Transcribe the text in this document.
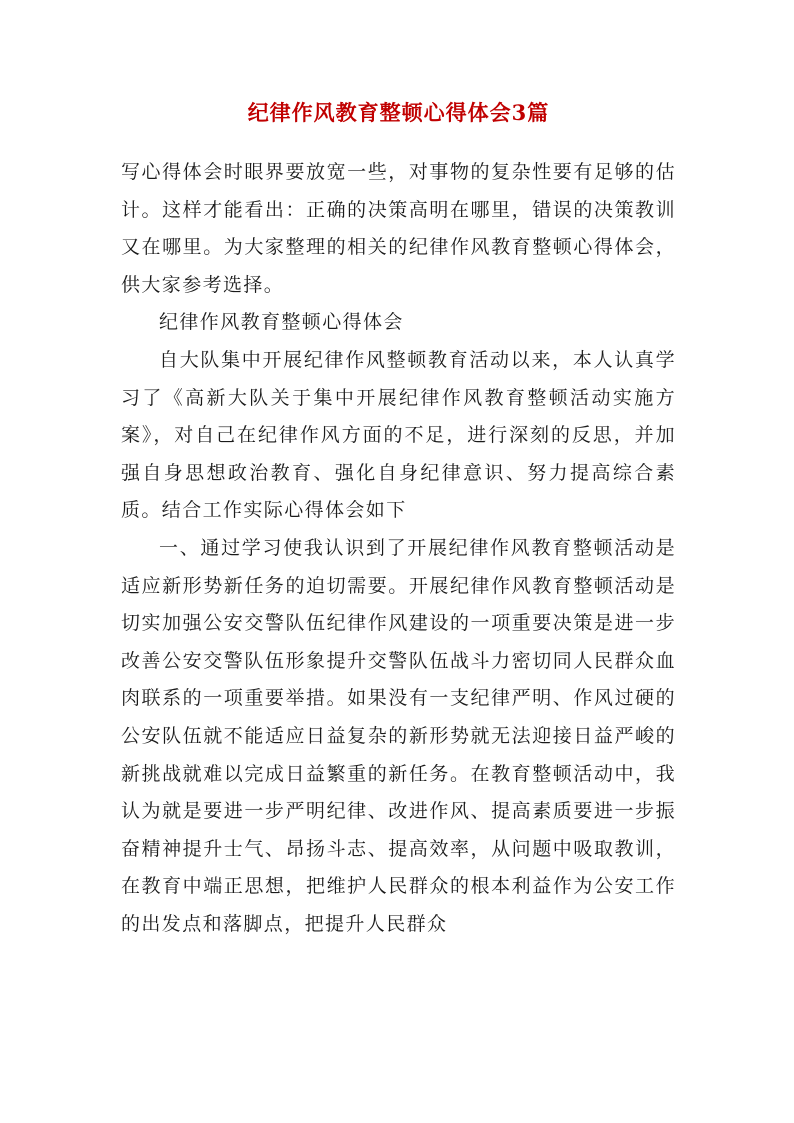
纪律作风教育整顿心得体会3篇

写心得体会时眼界要放宽一些，对事物的复杂性要有足够的估计。这样才能看出：正确的决策高明在哪里，错误的决策教训又在哪里。为大家整理的相关的纪律作风教育整顿心得体会，供大家参考选择。

纪律作风教育整顿心得体会

自大队集中开展纪律作风整顿教育活动以来，本人认真学习了《高新大队关于集中开展纪律作风教育整顿活动实施方案》，对自己在纪律作风方面的不足，进行深刻的反思，并加强自身思想政治教育、强化自身纪律意识、努力提高综合素质。结合工作实际心得体会如下

一、通过学习使我认识到了开展纪律作风教育整顿活动是适应新形势新任务的迫切需要。开展纪律作风教育整顿活动是切实加强公安交警队伍纪律作风建设的一项重要决策是进一步改善公安交警队伍形象提升交警队伍战斗力密切同人民群众血肉联系的一项重要举措。如果没有一支纪律严明、作风过硬的公安队伍就不能适应日益复杂的新形势就无法迎接日益严峻的新挑战就难以完成日益繁重的新任务。在教育整顿活动中，我认为就是要进一步严明纪律、改进作风、提高素质要进一步振奋精神提升士气、昂扬斗志、提高效率，从问题中吸取教训，在教育中端正思想，把维护人民群众的根本利益作为公安工作的出发点和落脚点，把提升人民群众
